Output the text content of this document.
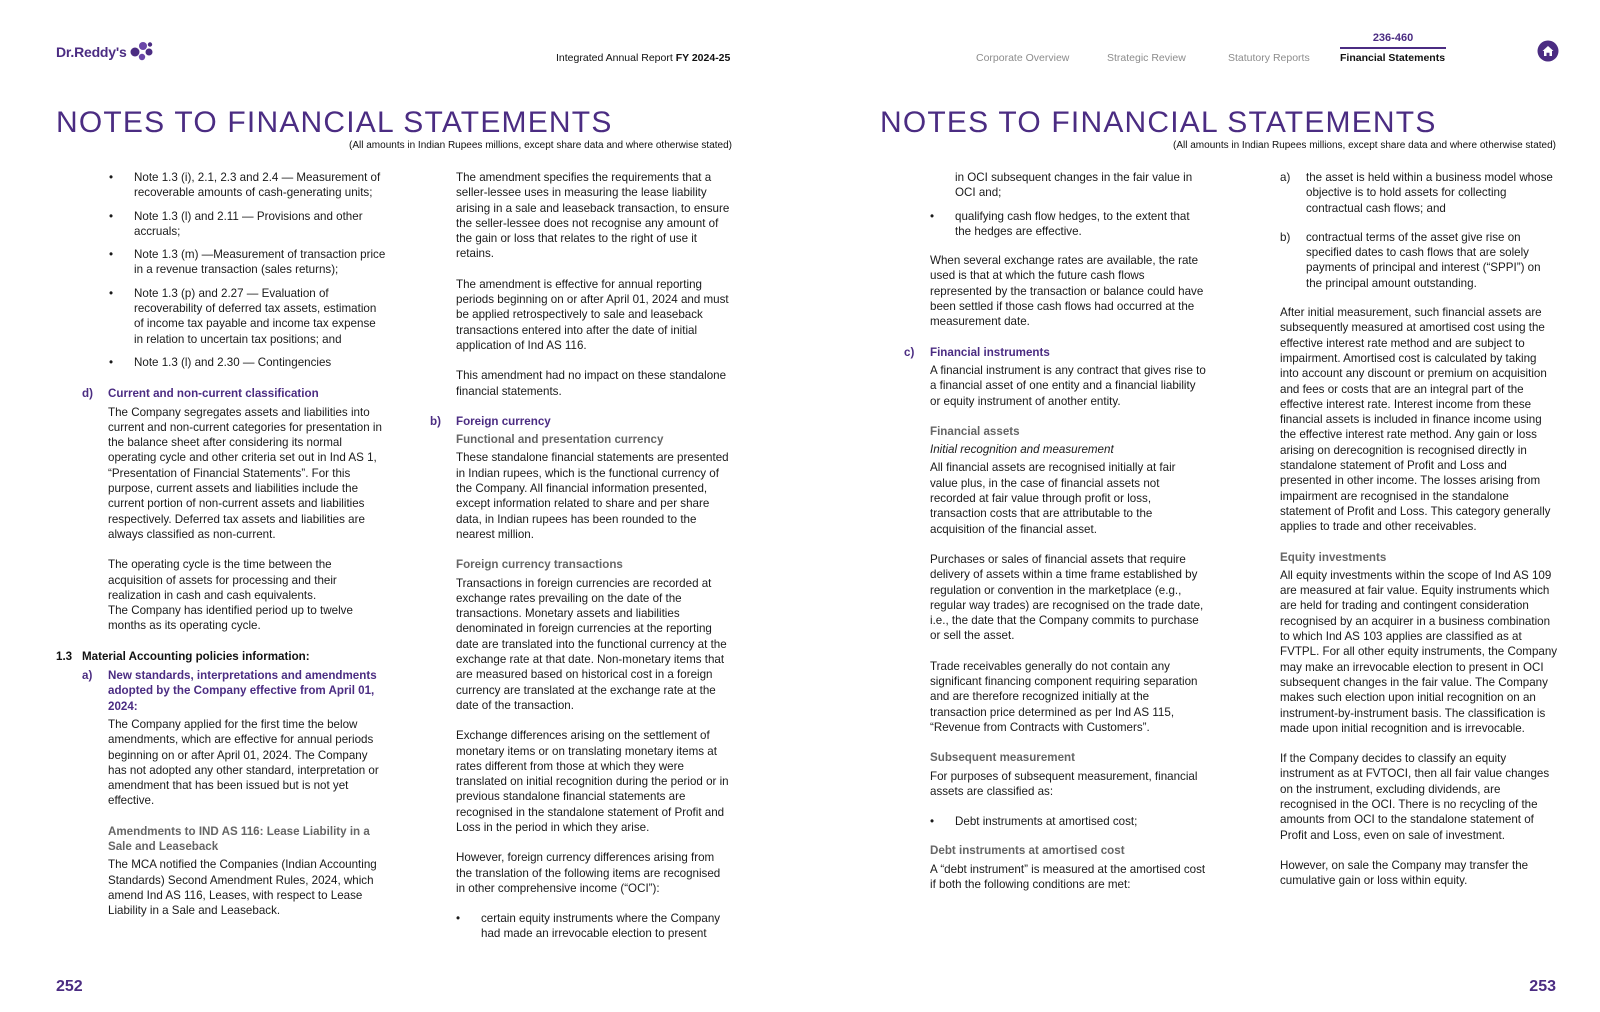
Dr.Reddy's	Integrated Annual Report FY 2024-25	Corporate Overview	Strategic Review	Statutory Reports
236-460
Financial Statements
NOTES TO FINANCIAL STATEMENTS
(All amounts in Indian Rupees millions, except share data and where otherwise stated)
NOTES TO FINANCIAL STATEMENTS
(All amounts in Indian Rupees millions, except share data and where otherwise stated)
• Note 1.3 (i), 2.1, 2.3 and 2.4 — Measurement of recoverable amounts of cash-generating units;
• Note 1.3 (l) and 2.11 — Provisions and other accruals;
• Note 1.3 (m) —Measurement of transaction price in a revenue transaction (sales returns);
• Note 1.3 (p) and 2.27 — Evaluation of recoverability of deferred tax assets, estimation of income tax payable and income tax expense in relation to uncertain tax positions; and
• Note 1.3 (l) and 2.30 — Contingencies
d) Current and non-current classification

The Company segregates assets and liabilities into current and non-current categories for presentation in the balance sheet after considering its normal operating cycle and other criteria set out in Ind AS 1, “Presentation of Financial Statements”. For this purpose, current assets and liabilities include the current portion of non-current assets and liabilities respectively. Deferred tax assets and liabilities are always classified as non-current.

The operating cycle is the time between the acquisition of assets for processing and their realization in cash and cash equivalents.

The Company has identified period up to twelve months as its operating cycle.

1.3 Material Accounting policies information:
a) New standards, interpretations and amendments adopted by the Company effective from April 01, 2024:

The Company applied for the first time the below amendments, which are effective for annual periods beginning on or after April 01, 2024. The Company has not adopted any other standard, interpretation or amendment that has been issued but is not yet effective.

Amendments to IND AS 116: Lease Liability in a Sale and Leaseback

The MCA notified the Companies (Indian Accounting Standards) Second Amendment Rules, 2024, which amend Ind AS 116, Leases, with respect to Lease Liability in a Sale and Leaseback.

The amendment specifies the requirements that a seller-lessee uses in measuring the lease liability arising in a sale and leaseback transaction, to ensure the seller-lessee does not recognise any amount of the gain or loss that relates to the right of use it retains.

The amendment is effective for annual reporting periods beginning on or after April 01, 2024 and must be applied retrospectively to sale and leaseback transactions entered into after the date of initial application of Ind AS 116.

This amendment had no impact on these standalone financial statements.

b) Foreign currency
Functional and presentation currency

These standalone financial statements are presented in Indian rupees, which is the functional currency of the Company. All financial information presented, except information related to share and per share data, in Indian rupees has been rounded to the nearest million.

Foreign currency transactions

Transactions in foreign currencies are recorded at exchange rates prevailing on the date of the transactions. Monetary assets and liabilities denominated in foreign currencies at the reporting date are translated into the functional currency at the exchange rate at that date. Non-monetary items that are measured based on historical cost in a foreign currency are translated at the exchange rate at the date of the transaction.

Exchange differences arising on the settlement of monetary items or on translating monetary items at rates different from those at which they were translated on initial recognition during the period or in previous standalone financial statements are recognised in the standalone statement of Profit and Loss in the period in which they arise.

However, foreign currency differences arising from the translation of the following items are recognised in other comprehensive income (“OCI”):

• certain equity instruments where the Company had made an irrevocable election to present
in OCI subsequent changes in the fair value in OCI and;
• qualifying cash flow hedges, to the extent that the hedges are effective.

When several exchange rates are available, the rate used is that at which the future cash flows represented by the transaction or balance could have been settled if those cash flows had occurred at the measurement date.

c) Financial instruments

A financial instrument is any contract that gives rise to a financial asset of one entity and a financial liability or equity instrument of another entity.

Financial assets
Initial recognition and measurement

All financial assets are recognised initially at fair value plus, in the case of financial assets not recorded at fair value through profit or loss, transaction costs that are attributable to the acquisition of the financial asset.

Purchases or sales of financial assets that require delivery of assets within a time frame established by regulation or convention in the marketplace (e.g., regular way trades) are recognised on the trade date, i.e., the date that the Company commits to purchase or sell the asset.

Trade receivables generally do not contain any significant financing component requiring separation and are therefore recognized initially at the transaction price determined as per Ind AS 115, “Revenue from Contracts with Customers”.

Subsequent measurement

For purposes of subsequent measurement, financial assets are classified as:

• Debt instruments at amortised cost;
Debt instruments at amortised cost

A “debt instrument” is measured at the amortised cost if both the following conditions are met:

a) the asset is held within a business model whose objective is to hold assets for collecting contractual cash flows; and
b) contractual terms of the asset give rise on specified dates to cash flows that are solely payments of principal and interest (“SPPI”) on the principal amount outstanding.

After initial measurement, such financial assets are subsequently measured at amortised cost using the effective interest rate method and are subject to impairment. Amortised cost is calculated by taking into account any discount or premium on acquisition and fees or costs that are an integral part of the effective interest rate. Interest income from these financial assets is included in finance income using the effective interest rate method. Any gain or loss arising on derecognition is recognised directly in standalone statement of Profit and Loss and presented in other income. The losses arising from impairment are recognised in the standalone statement of Profit and Loss. This category generally applies to trade and other receivables.

Equity investments

All equity investments within the scope of Ind AS 109 are measured at fair value. Equity instruments which are held for trading and contingent consideration recognised by an acquirer in a business combination to which Ind AS 103 applies are classified as at FVTPL. For all other equity instruments, the Company may make an irrevocable election to present in OCI subsequent changes in the fair value. The Company makes such election upon initial recognition on an instrument-by-instrument basis. The classification is made upon initial recognition and is irrevocable.

If the Company decides to classify an equity instrument as at FVTOCI, then all fair value changes on the instrument, excluding dividends, are recognised in the OCI. There is no recycling of the amounts from OCI to the standalone statement of Profit and Loss, even on sale of investment.

However, on sale the Company may transfer the cumulative gain or loss within equity.

252	253
